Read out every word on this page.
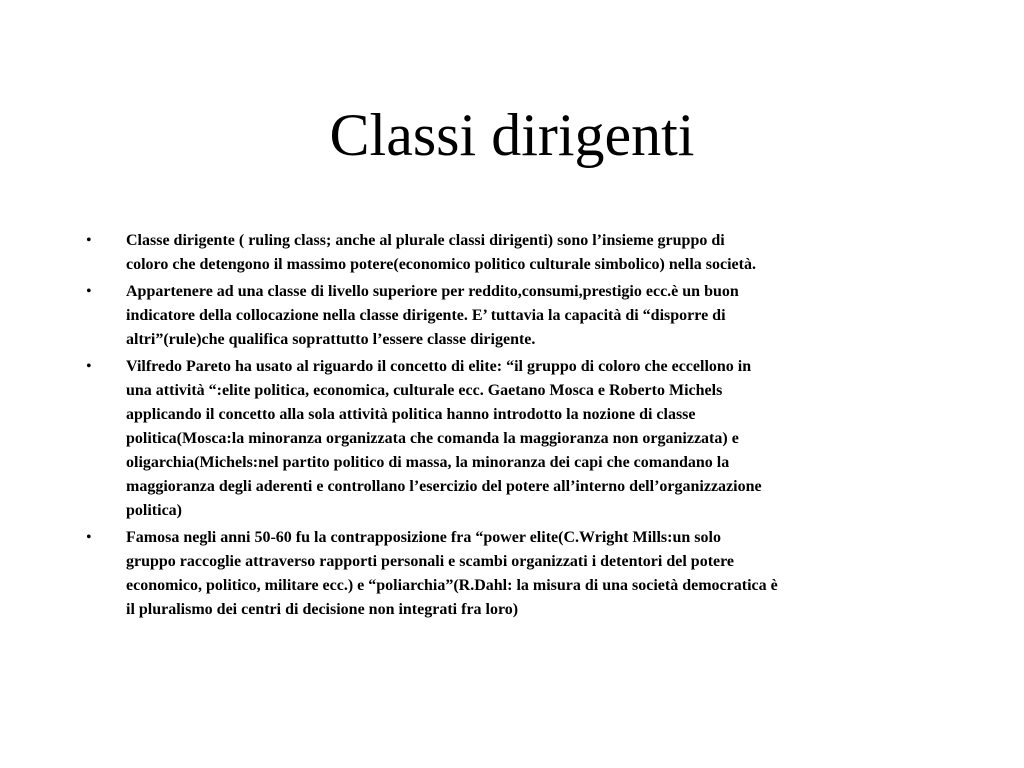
Classi dirigenti
•	Classe dirigente ( ruling class; anche al plurale classi dirigenti) sono l’insieme gruppo di
coloro che detengono il massimo potere(economico politico culturale simbolico) nella società.
•	Appartenere ad una classe di livello superiore per reddito,consumi,prestigio ecc.è un buon
indicatore della collocazione nella classe dirigente. E’ tuttavia la capacità di “disporre di
altri”(rule)che qualifica soprattutto l’essere classe dirigente.
•	Vilfredo Pareto ha usato al riguardo il concetto di elite: “il gruppo di coloro che eccellono in
una attività “:elite politica, economica, culturale ecc. Gaetano Mosca e Roberto Michels
applicando il concetto alla sola attività politica hanno introdotto la nozione di classe
politica(Mosca:la minoranza organizzata che comanda la maggioranza non organizzata) e
oligarchia(Michels:nel partito politico di massa, la minoranza dei capi che comandano la
maggioranza degli aderenti e controllano l’esercizio del potere all’interno dell’organizzazione
politica)
•	Famosa negli anni 50-60 fu la contrapposizione fra “power elite(C.Wright Mills:un solo
gruppo raccoglie attraverso rapporti personali e scambi organizzati i detentori del potere
economico, politico, militare ecc.) e “poliarchia”(R.Dahl: la misura di una società democratica è
il pluralismo dei centri di decisione non integrati fra loro)
